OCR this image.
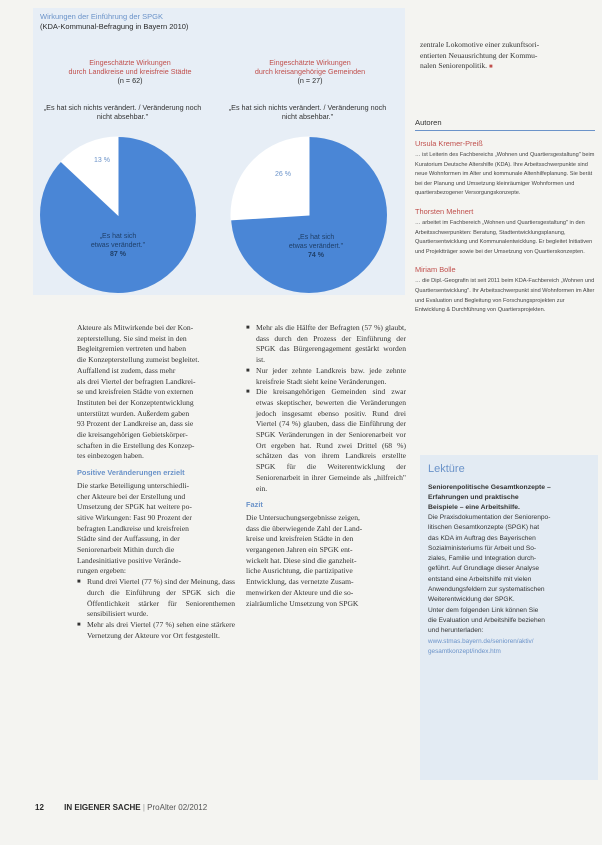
Wirkungen der Einführung der SPGK
(KDA-Kommunal-Befragung in Bayern 2010)
Eingeschätzte Wirkungen
durch Landkreise und kreisfreie Städte
(n = 62)
Eingeschätzte Wirkungen
durch kreisangehörige Gemeinden
(n = 27)
„Es hat sich nichts verändert. / Veränderung noch nicht absehbar."
„Es hat sich nichts verändert. / Veränderung noch nicht absehbar."
13 %
26 %
„Es hat sich
etwas verändert."
87 %
„Es hat sich
etwas verändert."
74 %
zentrale Lokomotive einer zukunftsori-
entierten Neuausrichtung der Kommu-
nalen Seniorenpolitik. ■
Akteure als Mitwirkende bei der Kon-
zepterstellung. Sie sind meist in den
Begleitgremien vertreten und haben
die Konzepterstellung zumeist begleitet.
Auffallend ist zudem, dass mehr
als drei Viertel der befragten Landkrei-
se und kreisfreien Städte von externen
Instituten bei der Konzeptentwicklung
unterstützt wurden. Außerdem gaben
93 Prozent der Landkreise an, dass sie
die kreisangehörigen Gebietskörper-
schaften in die Erstellung des Konzep-
tes einbezogen haben.
Positive Veränderungen erzielt
Die starke Beteiligung unterschiedli-
cher Akteure bei der Erstellung und
Umsetzung der SPGK hat weitere po-
sitive Wirkungen: Fast 90 Prozent der
befragten Landkreise und kreisfreien
Städte sind der Auffassung, in der
Seniorenarbeit Mithin durch die
Landesinitiative positive Verände-
rungen ergeben:
■ Rund drei Viertel (77 %) sind der Meinung, dass durch die Einführung der SPGK sich die Öffentlichkeit stärker für Seniorenthemen sensibilisiert wurde.
■ Mehr als drei Viertel (77 %) sehen eine stärkere Vernetzung der Akteure vor Ort festgestellt.
■ Mehr als die Hälfte der Befragten (57 %) glaubt, dass durch den Prozess der Einführung der SPGK das Bürgerengagement gestärkt worden ist.
■ Nur jeder zehnte Landkreis bzw. jede zehnte kreisfreie Stadt sieht keine Veränderungen.
■ Die kreisangehörigen Gemeinden sind zwar etwas skeptischer, bewerten die Veränderungen jedoch insgesamt ebenso positiv. Rund drei Viertel (74 %) glauben, dass die Einführung der SPGK Veränderungen in der Seniorenarbeit vor Ort ergeben hat. Rund zwei Drittel (68 %) schätzen das von ihrem Landkreis erstellte SPGK für die Weiterentwicklung der Seniorenarbeit in ihrer Gemeinde als „hilfreich" ein.
Fazit
Die Untersuchungsergebnisse zeigen,
dass die überwiegende Zahl der Land-
kreise und kreisfreien Städte in den
vergangenen Jahren ein SPGK ent-
wickelt hat. Diese sind die ganzheit-
liche Ausrichtung, die partizipative
Entwicklung, das vernetzte Zusam-
menwirken der Akteure und die so-
zialräumliche Umsetzung von SPGK
Autoren
Ursula Kremer-Preiß
… ist Leiterin des Fachbereichs „Wohnen und Quartiersgestaltung" beim Kuratorium Deutsche Altershilfe (KDA). Ihre Arbeitsschwerpunkte sind neue Wohnformen im Alter und kommunale Altenhilfeplanung. Sie berät bei der Planung und Umsetzung kleinräumiger Wohnformen und quartiersbezogener Versorgungskonzepte.
Thorsten Mehnert
… arbeitet im Fachbereich „Wohnen und Quartiersgestaltung" in den Arbeitsschwerpunkten: Beratung, Stadtentwicklungsplanung, Quartiersentwicklung und Kommunalentwicklung. Er begleitet Initiativen und Projektträger sowie bei der Umsetzung von Quartierskonzepten.
Miriam Bolle
… die Dipl.-Geografin ist seit 2011 beim KDA-Fachbereich „Wohnen und Quartiersentwicklung". Ihr Arbeitsschwerpunkt sind Wohnformen im Alter und Evaluation und Begleitung von Forschungsprojekten zur Entwicklung & Durchführung von Quartiersprojekten.
Lektüre
Seniorenpolitische Gesamtkonzepte –
Erfahrungen und praktische
Beispiele – eine Arbeitshilfe.
Die Praxisdokumentation der Seniorenpo-
litischen Gesamtkonzepte (SPGK) hat
das KDA im Auftrag des Bayerischen
Sozialministeriums für Arbeit und So-
ziales, Familie und Integration durch-
geführt. Auf Grundlage dieser Analyse
entstand eine Arbeitshilfe mit vielen
Anwendungsfeldern zur systematischen
Weiterentwicklung der SPGK.
Unter dem folgenden Link können Sie
die Evaluation und Arbeitshilfe beziehen
und herunterladen:
www.stmas.bayern.de/senioren/aktiv/
gesamtkonzept/index.htm
12	IN EIGENER SACHE | ProAlter 02/2012
